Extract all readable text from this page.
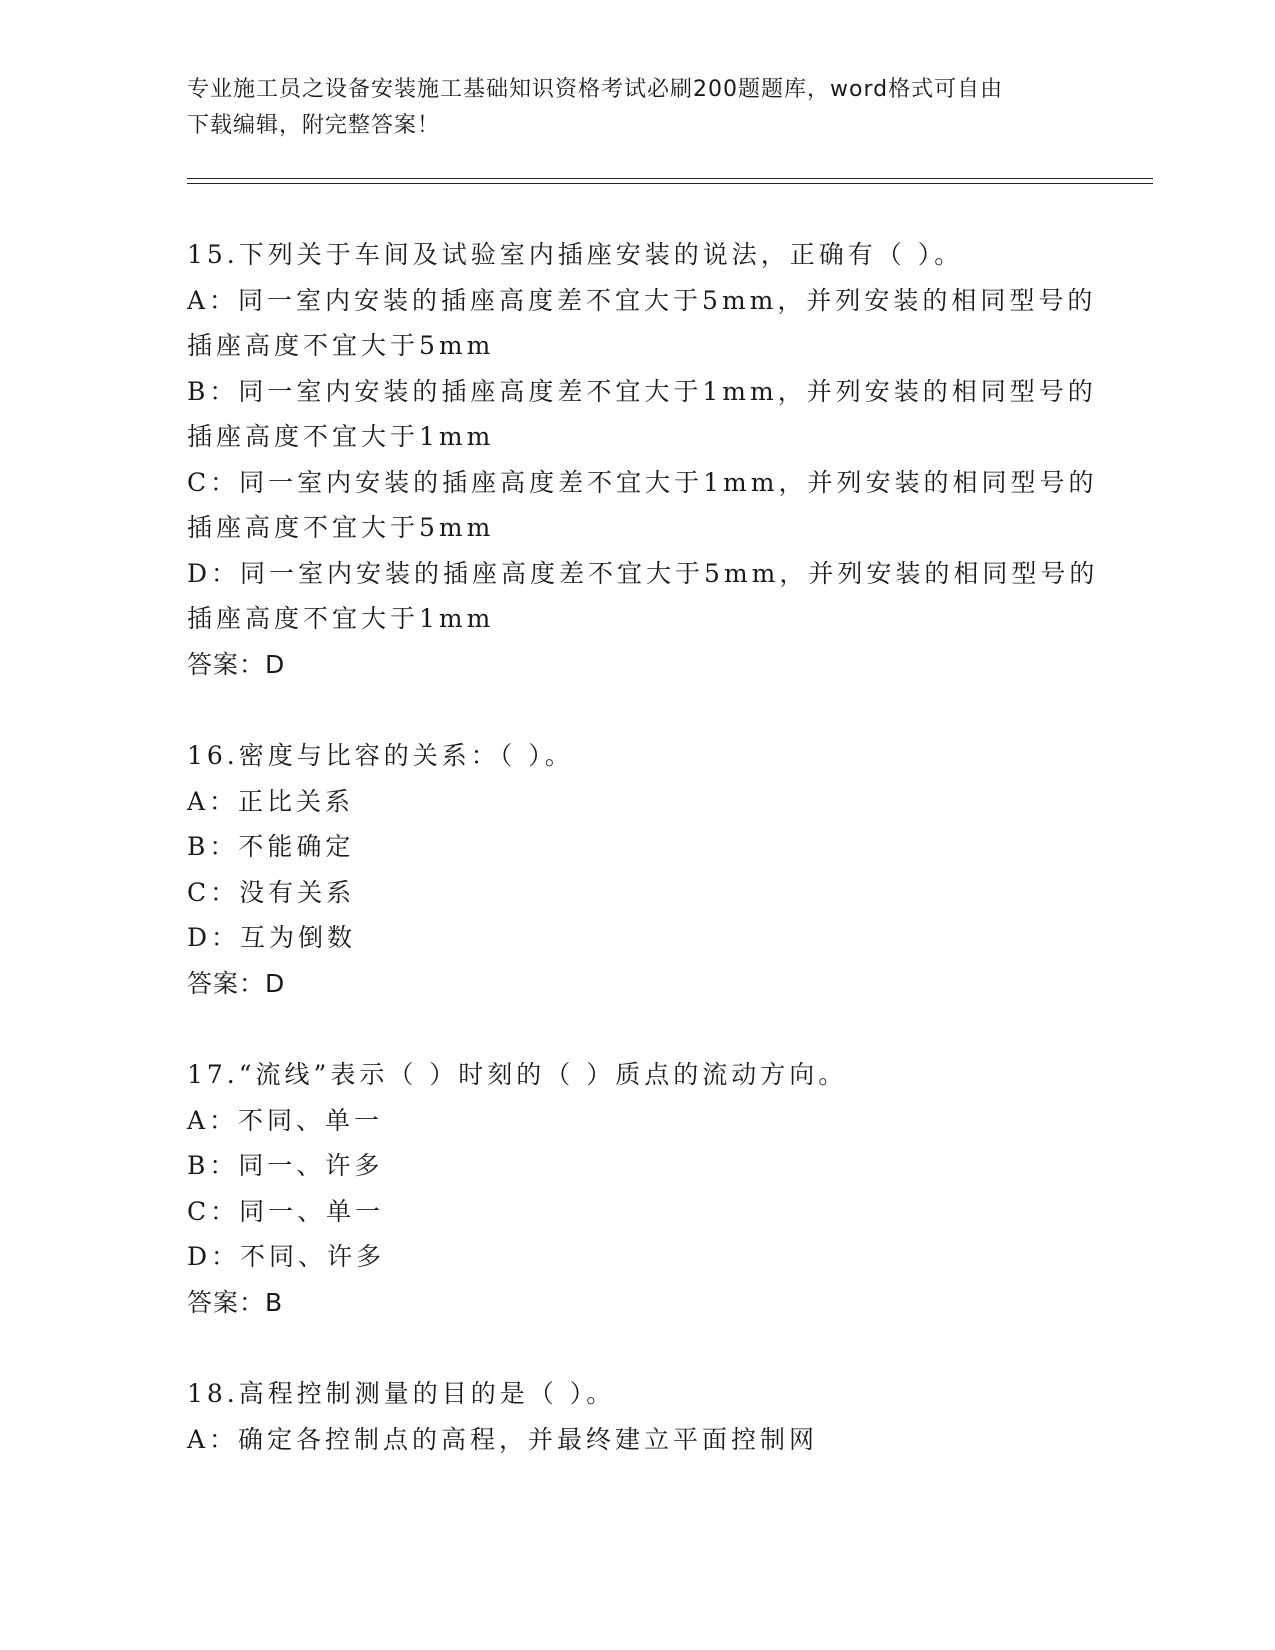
专业施工员之设备安装施工基础知识资格考试必刷200题题库，word格式可自由
下载编辑，附完整答案！
15.下列关于车间及试验室内插座安装的说法，正确有（ ）。
A：同一室内安装的插座高度差不宜大于5mm，并列安装的相同型号的
插座高度不宜大于5mm
B：同一室内安装的插座高度差不宜大于1mm，并列安装的相同型号的
插座高度不宜大于1mm
C：同一室内安装的插座高度差不宜大于1mm，并列安装的相同型号的
插座高度不宜大于5mm
D：同一室内安装的插座高度差不宜大于5mm，并列安装的相同型号的
插座高度不宜大于1mm
答案：D
16.密度与比容的关系：（ ）。
A：正比关系
B：不能确定
C：没有关系
D：互为倒数
答案：D
17.“流线”表示（ ）时刻的（ ）质点的流动方向。
A：不同、单一
B：同一、许多
C：同一、单一
D：不同、许多
答案：B
18.高程控制测量的目的是（ ）。
A：确定各控制点的高程，并最终建立平面控制网
